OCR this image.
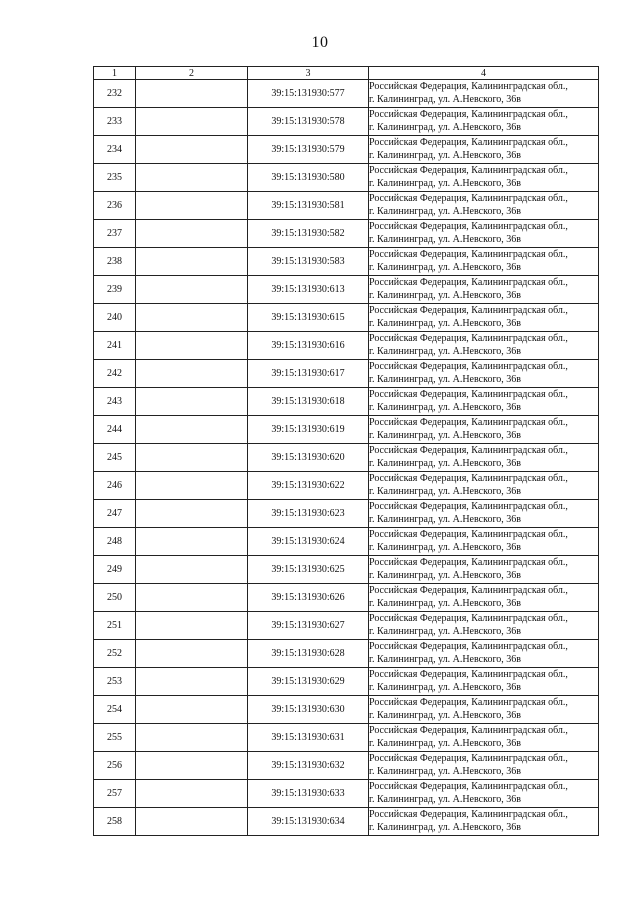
10
1	2	3	4
232		39:15:131930:577	Российская Федерация, Калининградская обл.,
г. Калининград, ул. А.Невского, 36в

233		39:15:131930:578	Российская Федерация, Калининградская обл.,
г. Калининград, ул. А.Невского, 36в

234		39:15:131930:579	Российская Федерация, Калининградская обл.,
г. Калининград, ул. А.Невского, 36в

235		39:15:131930:580	Российская Федерация, Калининградская обл.,
г. Калининград, ул. А.Невского, 36в

236		39:15:131930:581	Российская Федерация, Калининградская обл.,
г. Калининград, ул. А.Невского, 36в

237		39:15:131930:582	Российская Федерация, Калининградская обл.,
г. Калининград, ул. А.Невского, 36в

238		39:15:131930:583	Российская Федерация, Калининградская обл.,
г. Калининград, ул. А.Невского, 36в

239		39:15:131930:613	Российская Федерация, Калининградская обл.,
г. Калининград, ул. А.Невского, 36в

240		39:15:131930:615	Российская Федерация, Калининградская обл.,
г. Калининград, ул. А.Невского, 36в

241		39:15:131930:616	Российская Федерация, Калининградская обл.,
г. Калининград, ул. А.Невского, 36в

242		39:15:131930:617	Российская Федерация, Калининградская обл.,
г. Калининград, ул. А.Невского, 36в

243		39:15:131930:618	Российская Федерация, Калининградская обл.,
г. Калининград, ул. А.Невского, 36в

244		39:15:131930:619	Российская Федерация, Калининградская обл.,
г. Калининград, ул. А.Невского, 36в

245		39:15:131930:620	Российская Федерация, Калининградская обл.,
г. Калининград, ул. А.Невского, 36в

246		39:15:131930:622	Российская Федерация, Калининградская обл.,
г. Калининград, ул. А.Невского, 36в

247		39:15:131930:623	Российская Федерация, Калининградская обл.,
г. Калининград, ул. А.Невского, 36в

248		39:15:131930:624	Российская Федерация, Калининградская обл.,
г. Калининград, ул. А.Невского, 36в

249		39:15:131930:625	Российская Федерация, Калининградская обл.,
г. Калининград, ул. А.Невского, 36в

250		39:15:131930:626	Российская Федерация, Калининградская обл.,
г. Калининград, ул. А.Невского, 36в

251		39:15:131930:627	Российская Федерация, Калининградская обл.,
г. Калининград, ул. А.Невского, 36в

252		39:15:131930:628	Российская Федерация, Калининградская обл.,
г. Калининград, ул. А.Невского, 36в

253		39:15:131930:629	Российская Федерация, Калининградская обл.,
г. Калининград, ул. А.Невского, 36в

254		39:15:131930:630	Российская Федерация, Калининградская обл.,
г. Калининград, ул. А.Невского, 36в

255		39:15:131930:631	Российская Федерация, Калининградская обл.,
г. Калининград, ул. А.Невского, 36в

256		39:15:131930:632	Российская Федерация, Калининградская обл.,
г. Калининград, ул. А.Невского, 36в

257		39:15:131930:633	Российская Федерация, Калининградская обл.,
г. Калининград, ул. А.Невского, 36в

258		39:15:131930:634	Российская Федерация, Калининградская обл.,
г. Калининград, ул. А.Невского, 36в
